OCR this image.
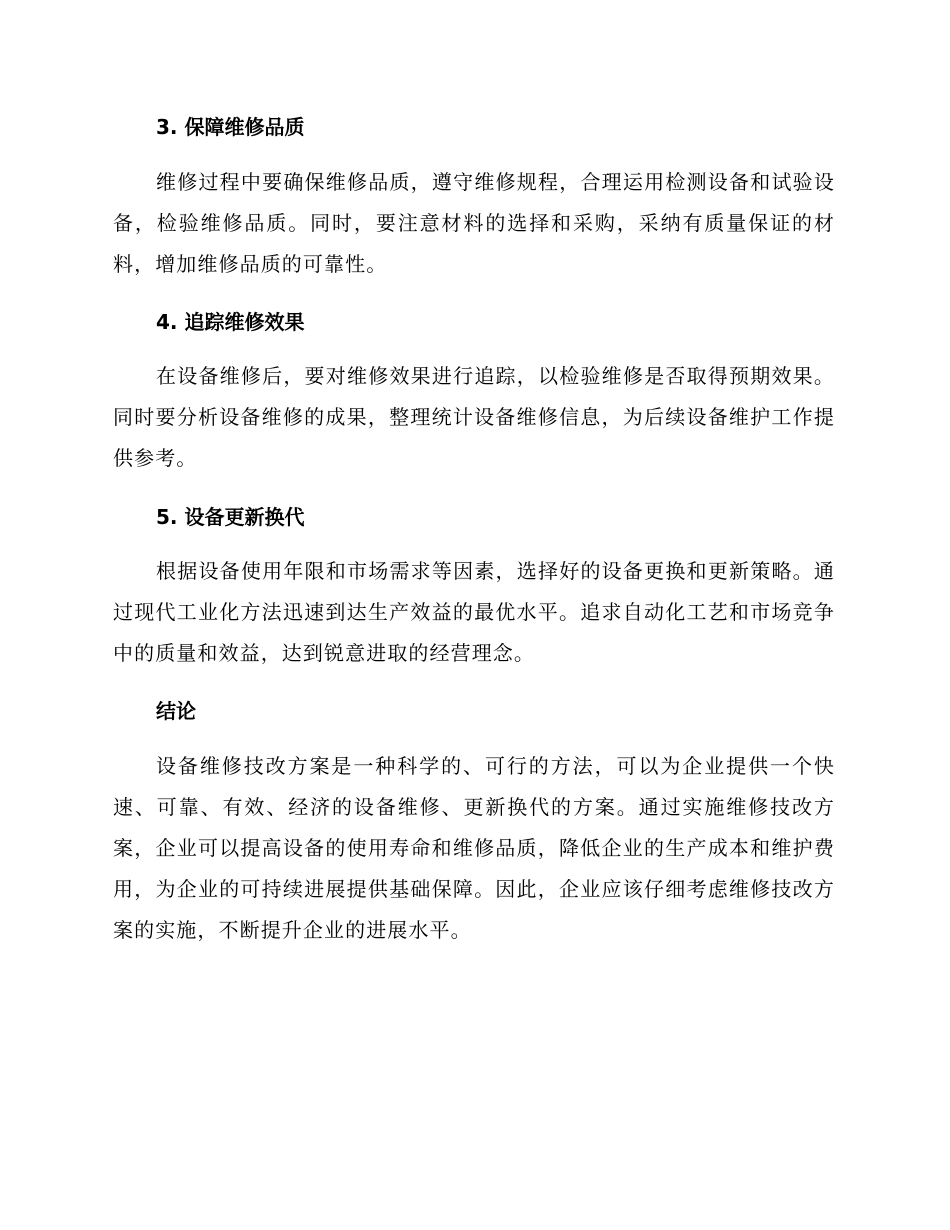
3. 保障维修品质

维修过程中要确保维修品质，遵守维修规程，合理运用检测设备和试验设备，检验维修品质。同时，要注意材料的选择和采购，采纳有质量保证的材料，增加维修品质的可靠性。

4. 追踪维修效果

在设备维修后，要对维修效果进行追踪，以检验维修是否取得预期效果。同时要分析设备维修的成果，整理统计设备维修信息，为后续设备维护工作提供参考。

5. 设备更新换代

根据设备使用年限和市场需求等因素，选择好的设备更换和更新策略。通过现代工业化方法迅速到达生产效益的最优水平。追求自动化工艺和市场竞争中的质量和效益，达到锐意进取的经营理念。

结论

设备维修技改方案是一种科学的、可行的方法，可以为企业提供一个快速、可靠、有效、经济的设备维修、更新换代的方案。通过实施维修技改方案，企业可以提高设备的使用寿命和维修品质，降低企业的生产成本和维护费用，为企业的可持续进展提供基础保障。因此，企业应该仔细考虑维修技改方案的实施，不断提升企业的进展水平。
